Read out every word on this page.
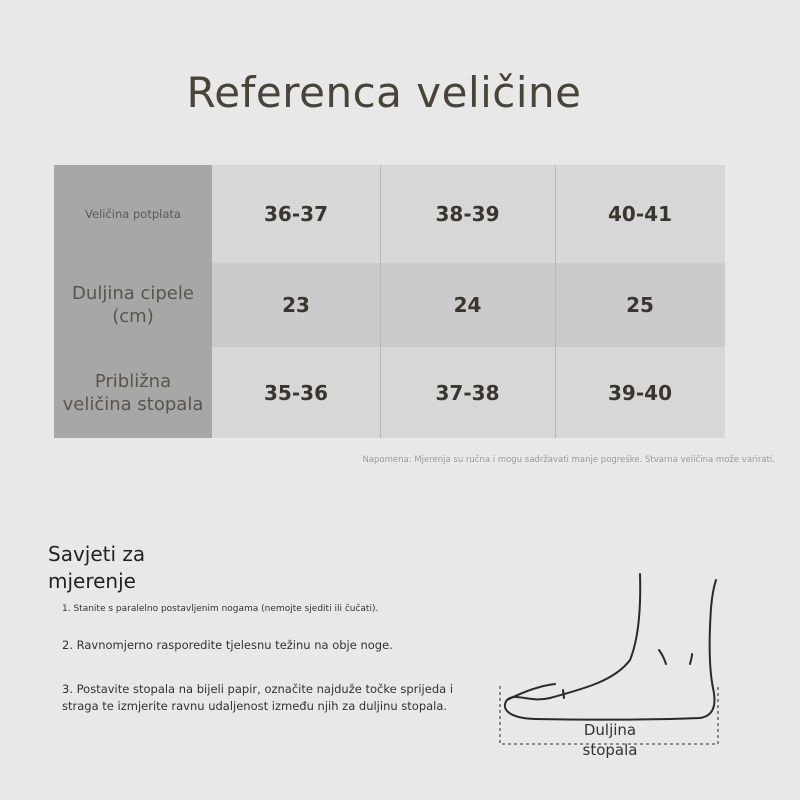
Referenca veličine
Veličina potplata	36-37	38-39	40-41
Duljina cipele (cm)	23	24	25
Približna veličina stopala	35-36	37-38	39-40
Napomena: Mjerenja su ručna i mogu sadržavati manje pogreške. Stvarna veličina može varirati.
Savjeti za mjerenje
1. Stanite s paralelno postavljenim nogama (nemojte sjediti ili čučati).
2. Ravnomjerno rasporedite tjelesnu težinu na obje noge.
3. Postavite stopala na bijeli papir, označite najduže točke sprijeda i straga te izmjerite ravnu udaljenost između njih za duljinu stopala.
Duljina stopala
